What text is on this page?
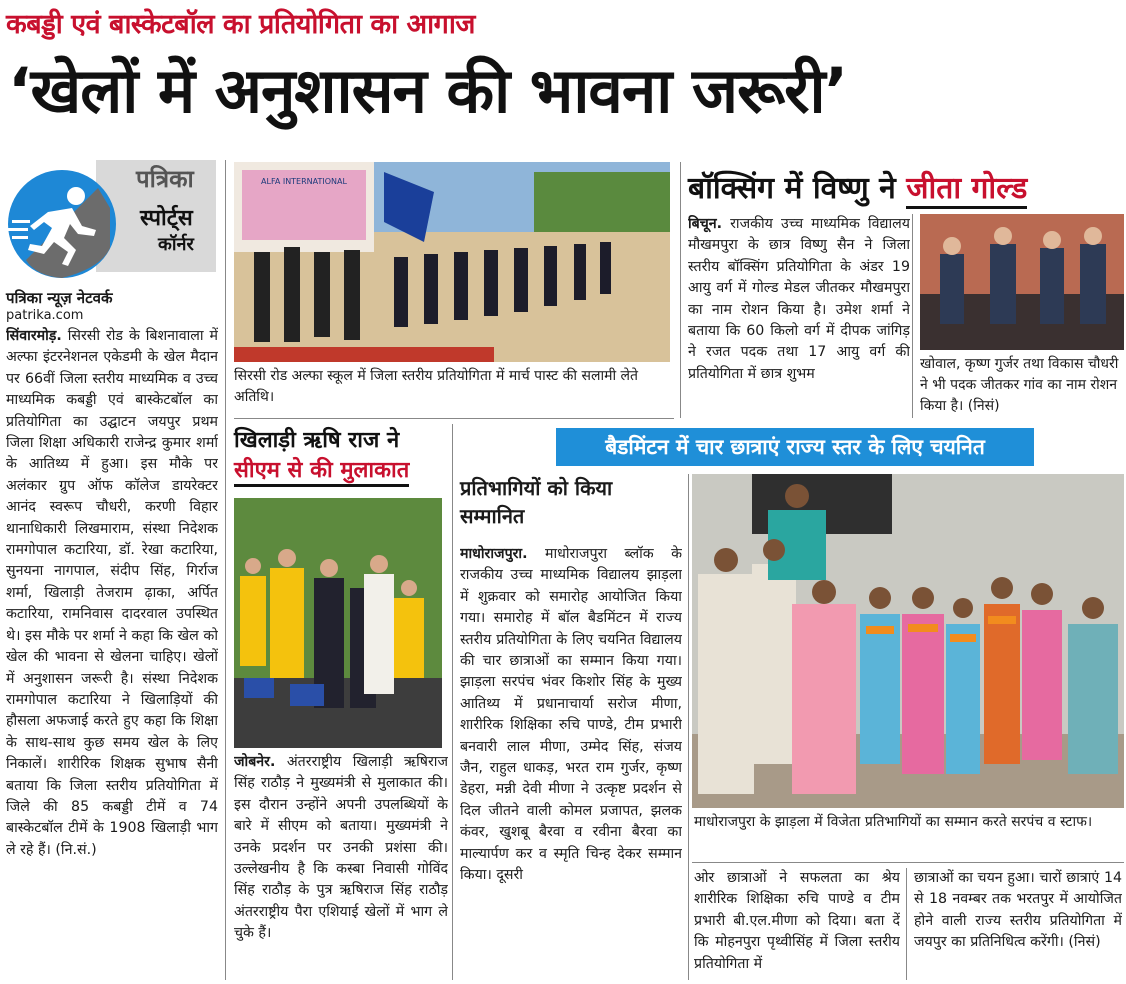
कबड्डी एवं बास्केटबॉल का प्रतियोगिता का आगाज
‘खेलों में अनुशासन की भावना जरूरी’
पत्रिका
स्पोर्ट्स
कॉर्नर
पत्रिका न्यूज़ नेटवर्क
patrika.com
सिंवारमोड़. सिरसी रोड के बिशनावाला में अल्फा इंटरनेशनल एकेडमी के खेल मैदान पर 66वीं जिला स्तरीय माध्यमिक व उच्च माध्यमिक कबड्डी एवं बास्केटबॉल का प्रतियोगिता का उद्घाटन जयपुर प्रथम जिला शिक्षा अधिकारी राजेन्द्र कुमार शर्मा के आतिथ्य में हुआ। इस मौके पर अलंकार ग्रुप ऑफ कॉलेज डायरेक्टर आनंद स्वरूप चौधरी, करणी विहार थानाधिकारी लिखमाराम, संस्था निदेशक रामगोपाल कटारिया, डॉ. रेखा कटारिया, सुनयना नागपाल, संदीप सिंह, गिर्राज शर्मा, खिलाड़ी तेजराम ढ़ाका, अर्पित कटारिया, रामनिवास दादरवाल उपस्थित थे। इस मौके पर शर्मा ने कहा कि खेल को खेल की भावना से खेलना चाहिए। खेलों में अनुशासन जरूरी है। संस्था निदेशक रामगोपाल कटारिया ने खिलाड़ियों की हौसला अफजाई करते हुए कहा कि शिक्षा के साथ-साथ कुछ समय खेल के लिए निकालें। शारीरिक शिक्षक सुभाष सैनी बताया कि जिला स्तरीय प्रतियोगिता में जिले की 85 कबड्डी टीमें व 74 बास्केटबॉल टीमें के 1908 खिलाड़ी भाग ले रहे हैं। (नि.सं.)
ALFA INTERNATIONAL
सिरसी रोड अल्फा स्कूल में जिला स्तरीय प्रतियोगिता में मार्च पास्ट की सलामी लेते अतिथि।
बॉक्सिंग में विष्णु ने जीता गोल्ड
बिचून. राजकीय उच्च माध्यमिक विद्यालय मौखमपुरा के छात्र विष्णु सैन ने जिला स्तरीय बॉक्सिंग प्रतियोगिता के अंडर 19 आयु वर्ग में गोल्ड मेडल जीतकर मौखमपुरा का नाम रोशन किया है। उमेश शर्मा ने बताया कि 60 किलो वर्ग में दीपक जांगिड़ ने रजत पदक तथा 17 आयु वर्ग की प्रतियोगिता में छात्र शुभम
खोवाल, कृष्ण गुर्जर तथा विकास चौधरी ने भी पदक जीतकर गांव का नाम रोशन किया है। (निसं)
खिलाड़ी ऋषि राज ने
सीएम से की मुलाकात
जोबनेर. अंतरराष्ट्रीय खिलाड़ी ऋषिराज सिंह राठौड़ ने मुख्यमंत्री से मुलाकात की। इस दौरान उन्होंने अपनी उपलब्धियों के बारे में सीएम को बताया। मुख्यमंत्री ने उनके प्रदर्शन पर उनकी प्रशंसा की। उल्लेखनीय है कि कस्बा निवासी गोविंद सिंह राठौड़ के पुत्र ऋषिराज सिंह राठौड़ अंतरराष्ट्रीय पैरा एशियाई खेलों में भाग ले चुके हैं।
बैडमिंटन में चार छात्राएं राज्य स्तर के लिए चयनित
प्रतिभागियों को किया सम्मानित
माधोराजपुरा. माधोराजपुरा ब्लॉक के राजकीय उच्च माध्यमिक विद्यालय झाड़ला में शुक्रवार को समारोह आयोजित किया गया। समारोह में बॉल बैडमिंटन में राज्य स्तरीय प्रतियोगिता के लिए चयनित विद्यालय की चार छात्राओं का सम्मान किया गया। झाड़ला सरपंच भंवर किशोर सिंह के मुख्य आतिथ्य में प्रधानाचार्या सरोज मीणा, शारीरिक शिक्षिका रुचि पाण्डे, टीम प्रभारी बनवारी लाल मीणा, उम्मेद सिंह, संजय जैन, राहुल धाकड़, भरत राम गुर्जर, कृष्ण डेहरा, मन्नी देवी मीणा ने उत्कृष्ट प्रदर्शन से दिल जीतने वाली कोमल प्रजापत, झलक कंवर, खुशबू बैरवा व रवीना बैरवा का माल्यार्पण कर व स्मृति चिन्ह देकर सम्मान किया। दूसरी
माधोराजपुरा के झाड़ला में विजेता प्रतिभागियों का सम्मान करते सरपंच व स्टाफ।
ओर छात्राओं ने सफलता का श्रेय शारीरिक शिक्षिका रुचि पाण्डे व टीम प्रभारी बी.एल.मीणा को दिया। बता दें कि मोहनपुरा पृथ्वीसिंह में जिला स्तरीय प्रतियोगिता में
छात्राओं का चयन हुआ। चारों छात्राएं 14 से 18 नवम्बर तक भरतपुर में आयोजित होने वाली राज्य स्तरीय प्रतियोगिता में जयपुर का प्रतिनिधित्व करेंगी। (निसं)
